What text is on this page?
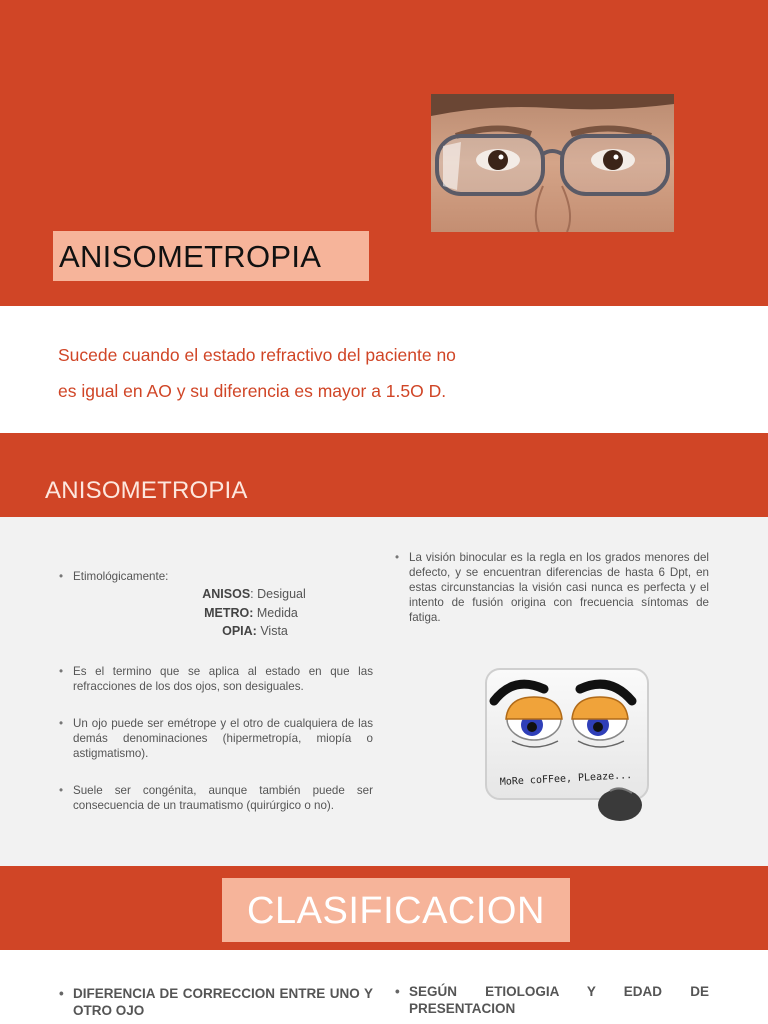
ANISOMETROPIA
Sucede cuando el estado refractivo del paciente no
es igual en AO y su diferencia es mayor a 1.5O D.
ANISOMETROPIA
• Etimológicamente:
ANISOS: Desigual
METRO: Medida
OPIA: Vista
• Es el termino que se aplica al estado en que las refracciones de los dos ojos, son desiguales.
• Un ojo puede ser emétrope y el otro de cualquiera de las demás denominaciones (hipermetropía, miopía o astigmatismo).
• Suele ser congénita, aunque también puede ser consecuencia de un traumatismo (quirúrgico o no).
• La visión binocular es la regla en los grados menores del defecto, y se encuentran diferencias de hasta 6 Dpt, en estas circunstancias la visión casi nunca es perfecta y el intento de fusión origina con frecuencia síntomas de fatiga.
MoRe coFFee, PLeaze...
CLASIFICACION
• DIFERENCIA DE CORRECCION ENTRE UNO Y OTRO OJO
• SEGÚN ETIOLOGIA Y EDAD DE PRESENTACION
